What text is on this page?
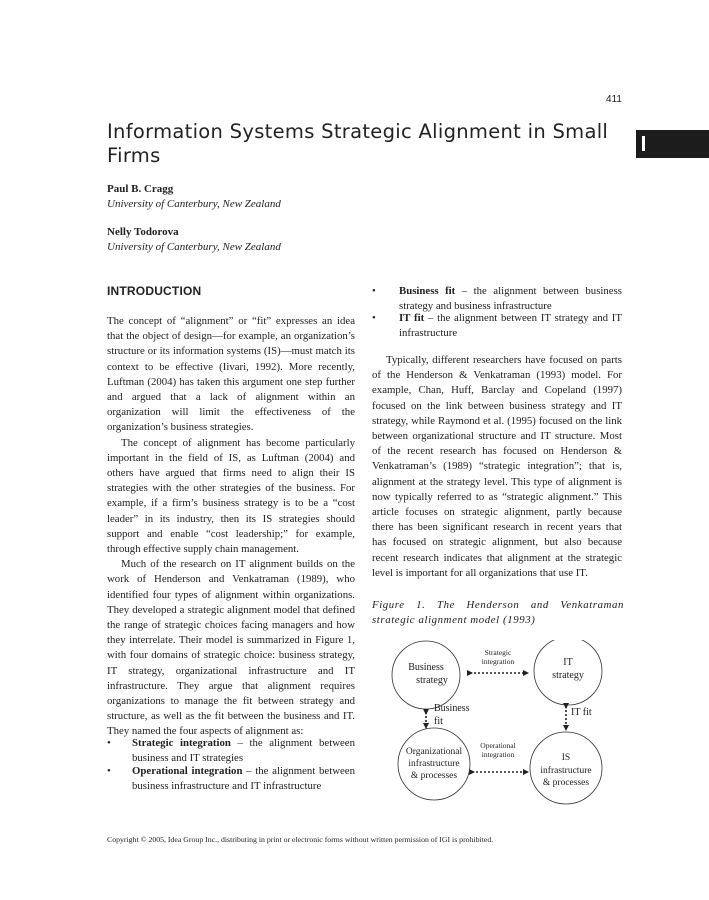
411
Information Systems Strategic Alignment in Small Firms
Paul B. Cragg
University of Canterbury, New Zealand
Nelly Todorova
University of Canterbury, New Zealand
INTRODUCTION

The concept of “alignment” or “fit” expresses an idea that the object of design—for example, an organization’s structure or its information systems (IS)—must match its context to be effective (Iivari, 1992). More recently, Luftman (2004) has taken this argument one step further and argued that a lack of alignment within an organization will limit the effectiveness of the organization’s business strategies.

The concept of alignment has become particularly important in the field of IS, as Luftman (2004) and others have argued that firms need to align their IS strategies with the other strategies of the business. For example, if a firm’s business strategy is to be a “cost leader” in its industry, then its IS strategies should support and enable “cost leadership;” for example, through effective supply chain management.

Much of the research on IT alignment builds on the work of Henderson and Venkatraman (1989), who identified four types of alignment within organizations. They developed a strategic alignment model that defined the range of strategic choices facing managers and how they interrelate. Their model is summarized in Figure 1, with four domains of strategic choice: business strategy, IT strategy, organizational infrastructure and IT infrastructure. They argue that alignment requires organizations to manage the fit between strategy and structure, as well as the fit between the business and IT. They named the four aspects of alignment as:

• Strategic integration – the alignment between business and IT strategies
• Operational integration – the alignment between business infrastructure and IT infrastructure
• Business fit – the alignment between business strategy and business infrastructure
• IT fit – the alignment between IT strategy and IT infrastructure

Typically, different researchers have focused on parts of the Henderson & Venkatraman (1993) model. For example, Chan, Huff, Barclay and Copeland (1997) focused on the link between business strategy and IT strategy, while Raymond et al. (1995) focused on the link between organizational structure and IT structure. Most of the recent research has focused on Henderson & Venkatraman’s (1989) “strategic integration”; that is, alignment at the strategy level. This type of alignment is now typically referred to as “strategic alignment.” This article focuses on strategic alignment, partly because there has been significant research in recent years that has focused on strategic alignment, but also because recent research indicates that alignment at the strategic level is important for all organizations that use IT.

Figure 1. The Henderson and Venkatraman strategic alignment model (1993)
Business
strategy
IT
strategy
Organizational
infrastructure
& processes
IS
infrastructure
& processes
Strategic
integration
Operational
integration
Business
fit
IT fit
Copyright © 2005, Idea Group Inc., distributing in print or electronic forms without written permission of IGI is prohibited.
